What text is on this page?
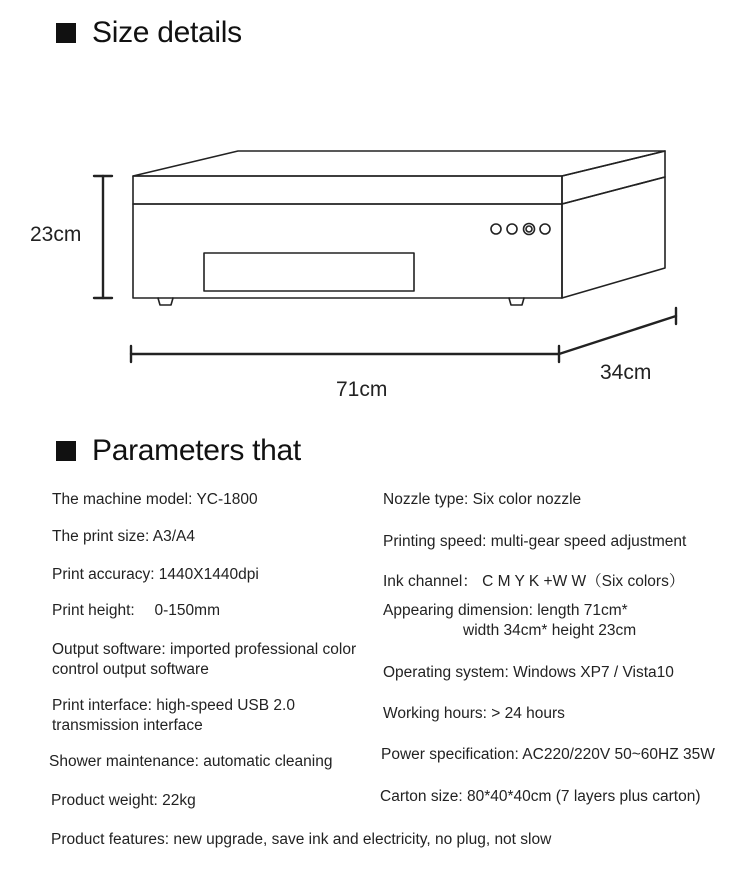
Size details
23cm
71cm
34cm
Parameters that
The machine model: YC-1800
The print size: A3/A4
Print accuracy: 1440X1440dpi
Print height:　 0-150mm
Output software: imported professional color
control output software
Print interface: high-speed USB 2.0
transmission interface
Shower maintenance: automatic cleaning
Product weight: 22kg
Nozzle type: Six color nozzle
Printing speed: multi-gear speed adjustment
Ink channel： C M Y K +W W（Six colors）
Appearing dimension: length 71cm*
width 34cm* height 23cm
Operating system: Windows XP7 / Vista10
Working hours: > 24 hours
Power specification: AC220/220V 50~60HZ 35W
Carton size: 80*40*40cm (7 layers plus carton)
Product features: new upgrade, save ink and electricity, no plug, not slow
